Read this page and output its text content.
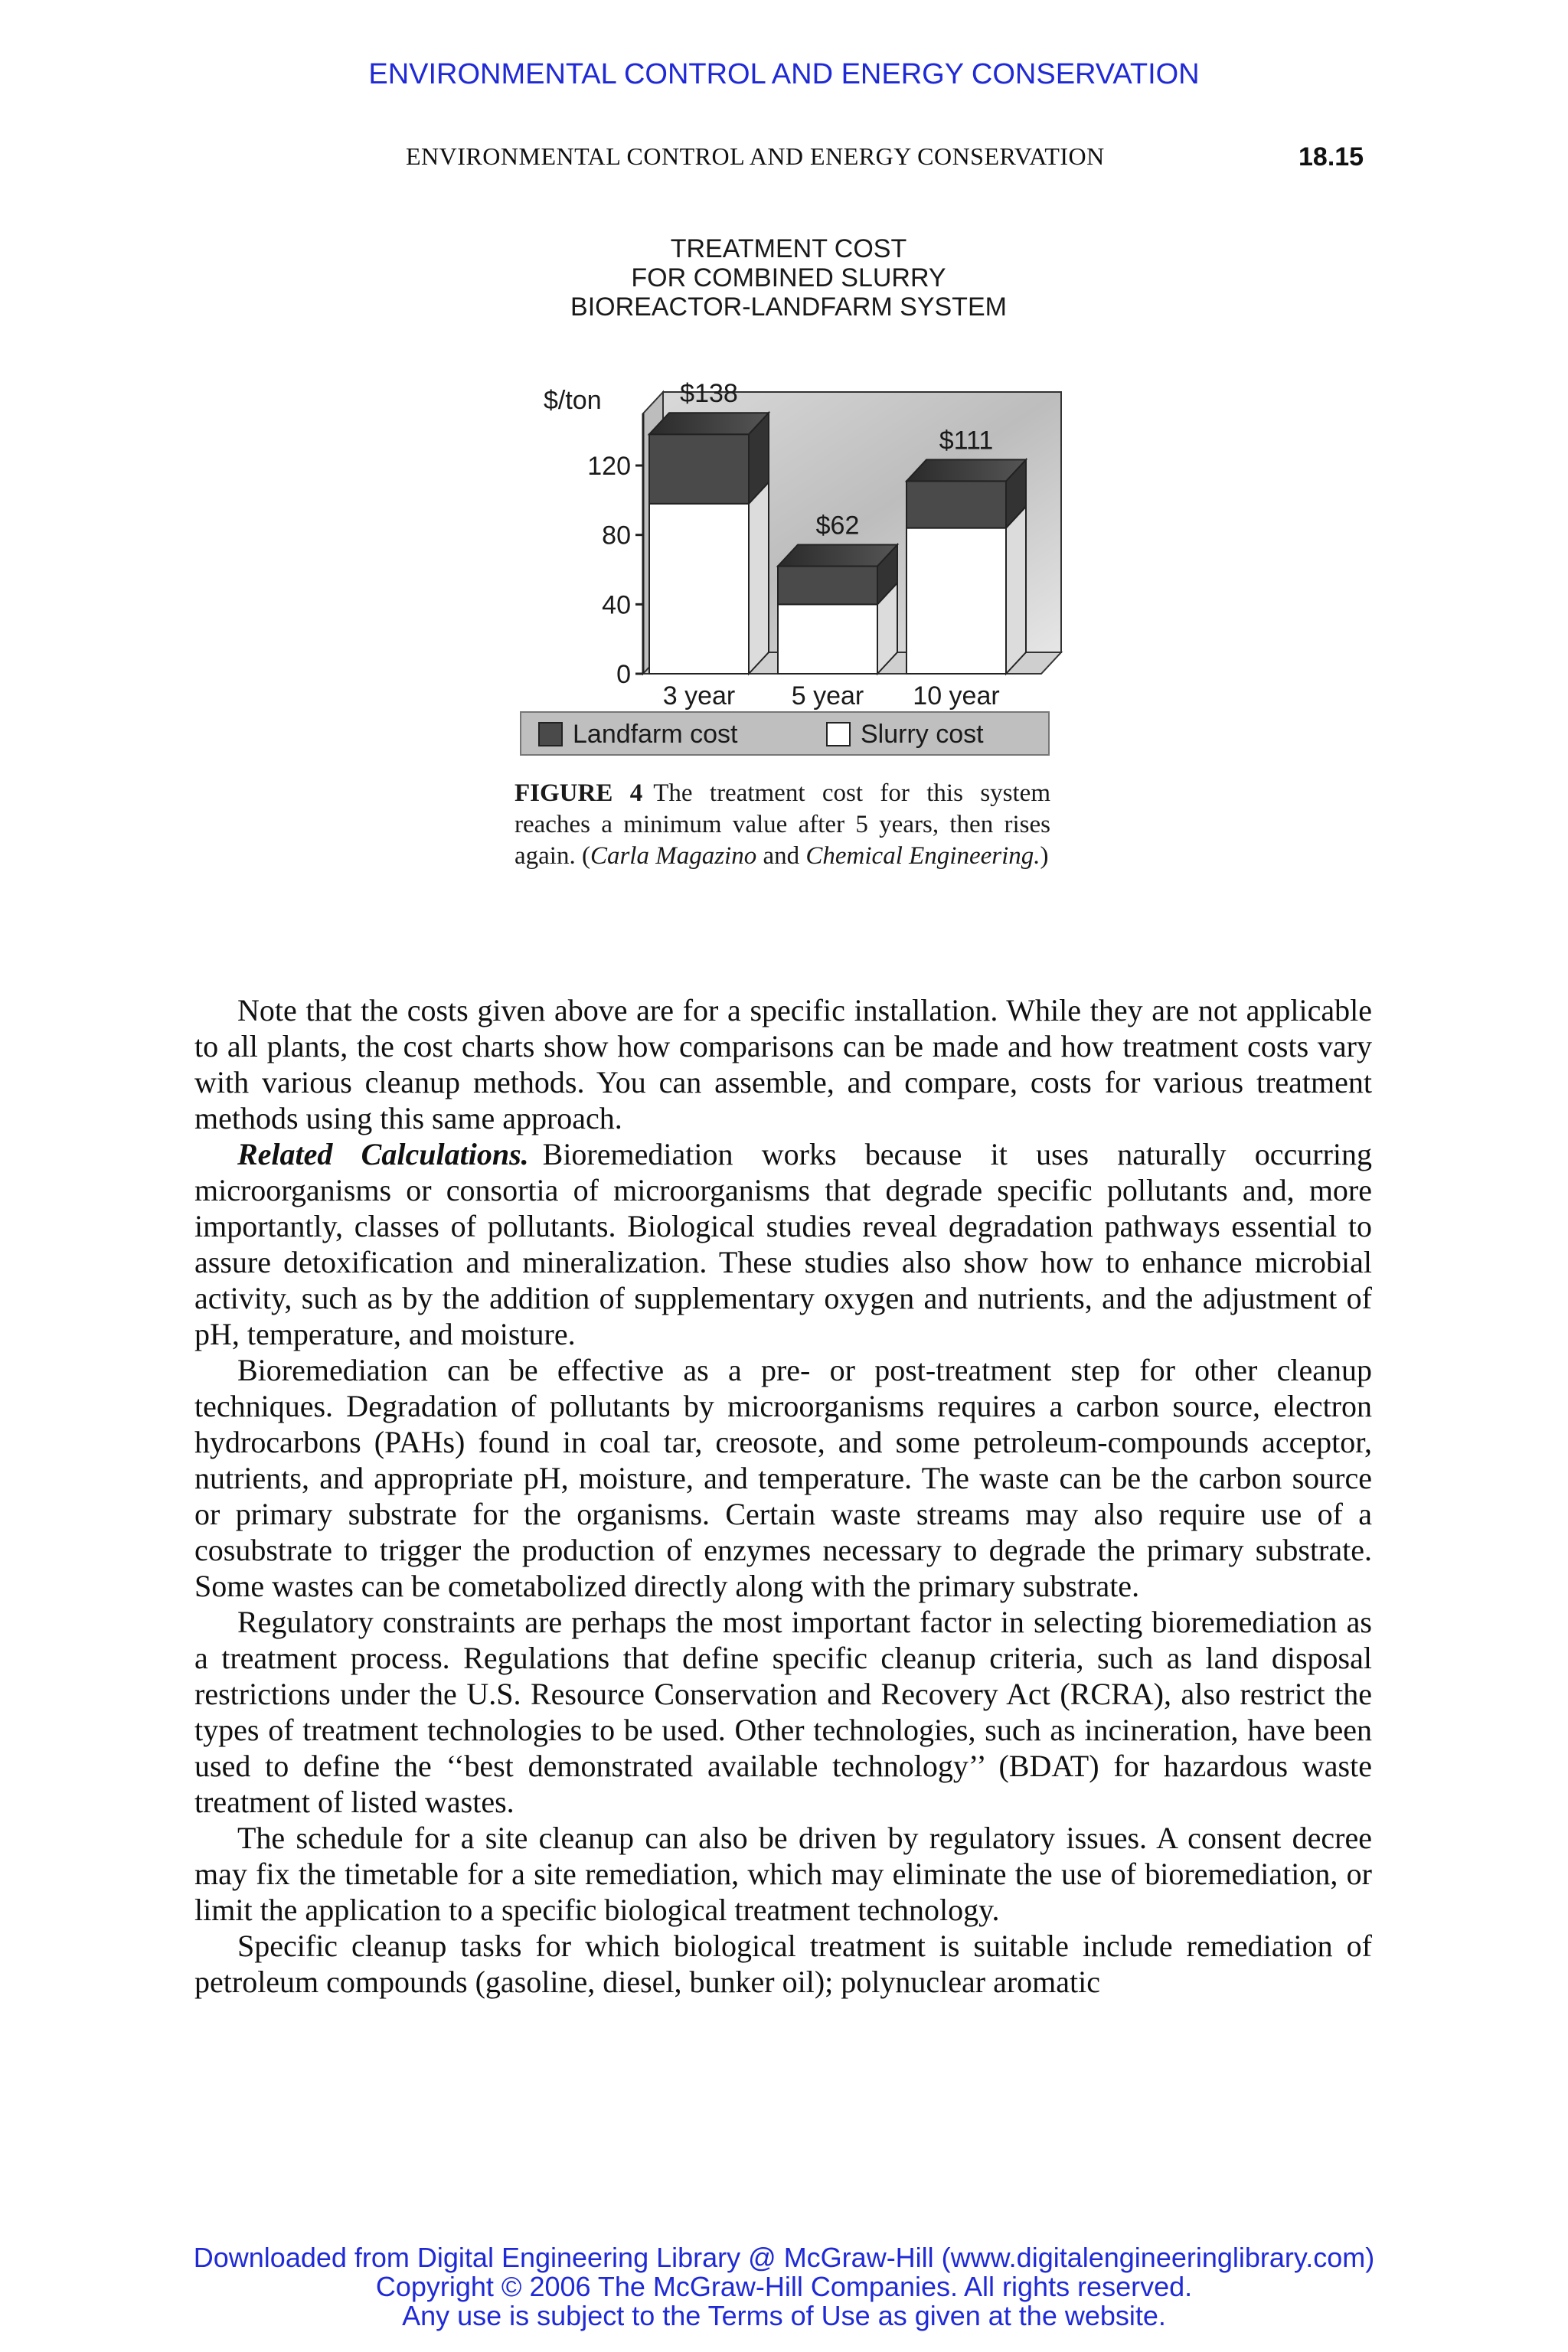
ENVIRONMENTAL CONTROL AND ENERGY CONSERVATION
ENVIRONMENTAL CONTROL AND ENERGY CONSERVATION	18.15
TREATMENT COST
FOR COMBINED SLURRY
BIOREACTOR-LANDFARM SYSTEM
0
40
80
120
$/ton	$138
3 year
$62
5 year
$111
10 year
Landfarm cost	Slurry cost
FIGURE 4 The treatment cost for this system reaches a minimum value after 5 years, then rises again. (Carla Magazino and Chemical Engineering.)

Note that the costs given above are for a specific installation. While they are not applicable to all plants, the cost charts show how comparisons can be made and how treatment costs vary with various cleanup methods. You can assemble, and compare, costs for various treatment methods using this same approach.

Related Calculations. Bioremediation works because it uses naturally occurring microorganisms or consortia of microorganisms that degrade specific pollutants and, more importantly, classes of pollutants. Biological studies reveal degradation pathways essential to assure detoxification and mineralization. These studies also show how to enhance microbial activity, such as by the addition of supplementary oxygen and nutrients, and the adjustment of pH, temperature, and moisture.

Bioremediation can be effective as a pre- or post-treatment step for other cleanup techniques. Degradation of pollutants by microorganisms requires a carbon source, electron hydrocarbons (PAHs) found in coal tar, creosote, and some petroleum-compounds acceptor, nutrients, and appropriate pH, moisture, and temperature. The waste can be the carbon source or primary substrate for the organisms. Certain waste streams may also require use of a cosubstrate to trigger the production of enzymes necessary to degrade the primary substrate. Some wastes can be cometabolized directly along with the primary substrate.

Regulatory constraints are perhaps the most important factor in selecting bioremediation as a treatment process. Regulations that define specific cleanup criteria, such as land disposal restrictions under the U.S. Resource Conservation and Recovery Act (RCRA), also restrict the types of treatment technologies to be used. Other technologies, such as incineration, have been used to define the ‘‘best demonstrated available technology’’ (BDAT) for hazardous waste treatment of listed wastes.

The schedule for a site cleanup can also be driven by regulatory issues. A consent decree may fix the timetable for a site remediation, which may eliminate the use of bioremediation, or limit the application to a specific biological treatment technology.

Specific cleanup tasks for which biological treatment is suitable include remediation of petroleum compounds (gasoline, diesel, bunker oil); polynuclear aromatic

Downloaded from Digital Engineering Library @ McGraw-Hill (www.digitalengineeringlibrary.com)
Copyright © 2006 The McGraw-Hill Companies. All rights reserved.
Any use is subject to the Terms of Use as given at the website.
